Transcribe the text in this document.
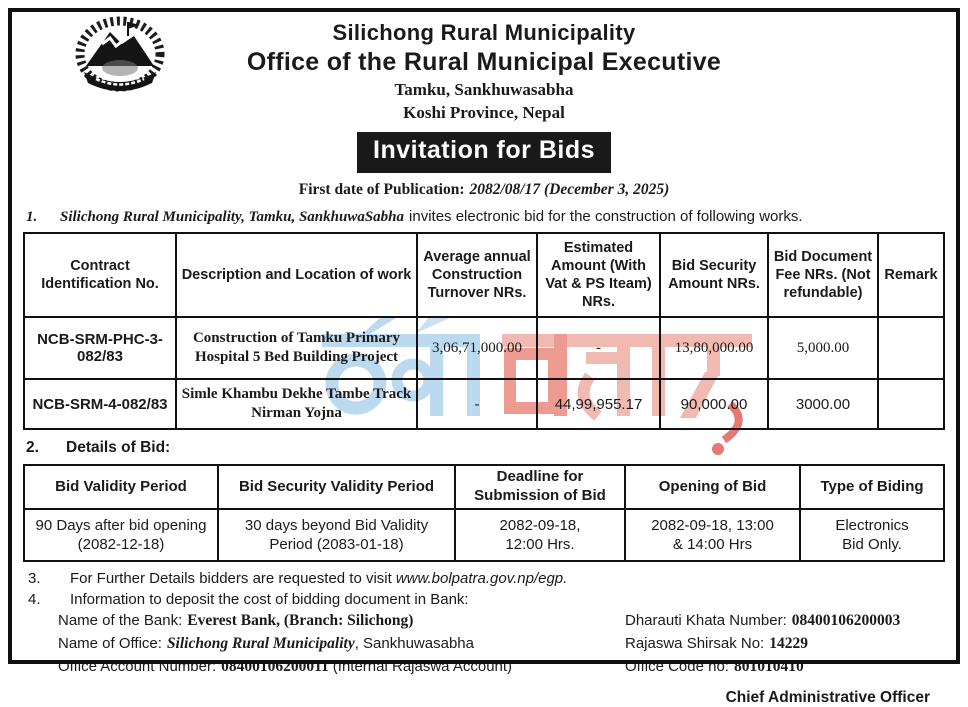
Silichong Rural Municipality
Office of the Rural Municipal Executive
Tamku, Sankhuwasabha
Koshi Province, Nepal
Invitation for Bids
First date of Publication: 2082/08/17 (December 3, 2025)
1.	Silichong Rural Municipality, Tamku, SankhuwaSabha invites electronic bid for the construction of following works.
Contract Identification No.	Description and Location of work	Average annual Construction Turnover NRs.	Estimated Amount (With Vat & PS Iteam) NRs.	Bid Security Amount NRs.	Bid Document Fee NRs. (Not refundable)	Remark
NCB-SRM-PHC-3-082/83	Construction of Tamku Primary Hospital 5 Bed Building Project	3,06,71,000.00	-	13,80,000.00	5,000.00	
NCB-SRM-4-082/83	Simle Khambu Dekhe Tambe Track Nirman Yojna	-	44,99,955.17	90,000.00	3000.00	
2.	Details of Bid:
Bid Validity Period	Bid Security Validity Period	Deadline for Submission of Bid	Opening of Bid	Type of Biding
90 Days after bid opening (2082-12-18)	30 days beyond Bid Validity Period (2083-01-18)	2082-09-18, 12:00 Hrs.	2082-09-18, 13:00 & 14:00 Hrs	Electronics Bid Only.
3.	For Further Details bidders are requested to visit www.bolpatra.gov.np/egp.
4.	Information to deposit the cost of bidding document in Bank:
Name of the Bank: Everest Bank, (Branch: Silichong)
Name of Office: Silichong Rural Municipality, Sankhuwasabha
Office Account Number: 08400106200011 (Internal Rajaswa Account)
Dharauti Khata Number: 08400106200003
Rajaswa Shirsak No: 14229
Office Code no: 801010410
Chief Administrative Officer
